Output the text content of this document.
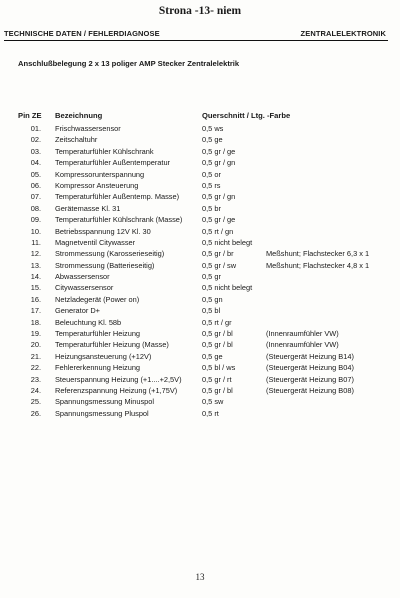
Strona -13- niem
TECHNISCHE DATEN / FEHLERDIAGNOSE	ZENTRALELEKTRONIK
Anschlußbelegung 2 x 13 poliger AMP Stecker Zentralelektrik
Pin ZE Bezeichnung	Querschnitt / Ltg. -Farbe
01. Frischwassersensor	0,5 ws
02. Zeitschaltuhr	0,5 ge
03. Temperaturfühler Kühlschrank	0,5 gr / ge
04. Temperaturfühler Außentemperatur	0,5 gr / gn
05. Kompressorunterspannung	0,5 or
06. Kompressor Ansteuerung	0,5 rs
07. Temperaturfühler Außentemp. Masse)	0,5 gr / gn
08. Gerätemasse Kl. 31	0,5 br
09. Temperaturfühler Kühlschrank (Masse)	0,5 gr / ge
10. Betriebsspannung 12V Kl. 30	0,5 rt / gn
11. Magnetventil Citywasser	0,5 nicht belegt
12. Strommessung (Karosserieseitig)	0,5 gr / br	Meßshunt; Flachstecker 6,3 x 1
13. Strommessung (Batterieseitig)	0,5 gr / sw	Meßshunt; Flachstecker 4,8 x 1
14. Abwassersensor	0,5 gr
15. Citywassersensor	0,5 nicht belegt
16. Netzladegerät (Power on)	0,5 gn
17. Generator D+	0,5 bl
18. Beleuchtung Kl. 58b	0,5 rt / gr
19. Temperaturfühler Heizung	0,5 gr / bl	(Innenraumfühler VW)
20. Temperaturfühler Heizung (Masse)	0,5 gr / bl	(Innenraumfühler VW)
21. Heizungsansteuerung (+12V)	0,5 ge	(Steuergerät Heizung B14)
22. Fehlererkennung Heizung	0,5 bl / ws	(Steuergerät Heizung B04)
23. Steuerspannung Heizung (+1....+2,5V)	0,5 gr / rt	(Steuergerät Heizung B07)
24. Referenzspannung Heizung (+1,75V)	0,5 gr / bl	(Steuergerät Heizung B08)
25. Spannungsmessung Minuspol	0,5 sw
26. Spannungsmessung Pluspol	0,5 rt
13
